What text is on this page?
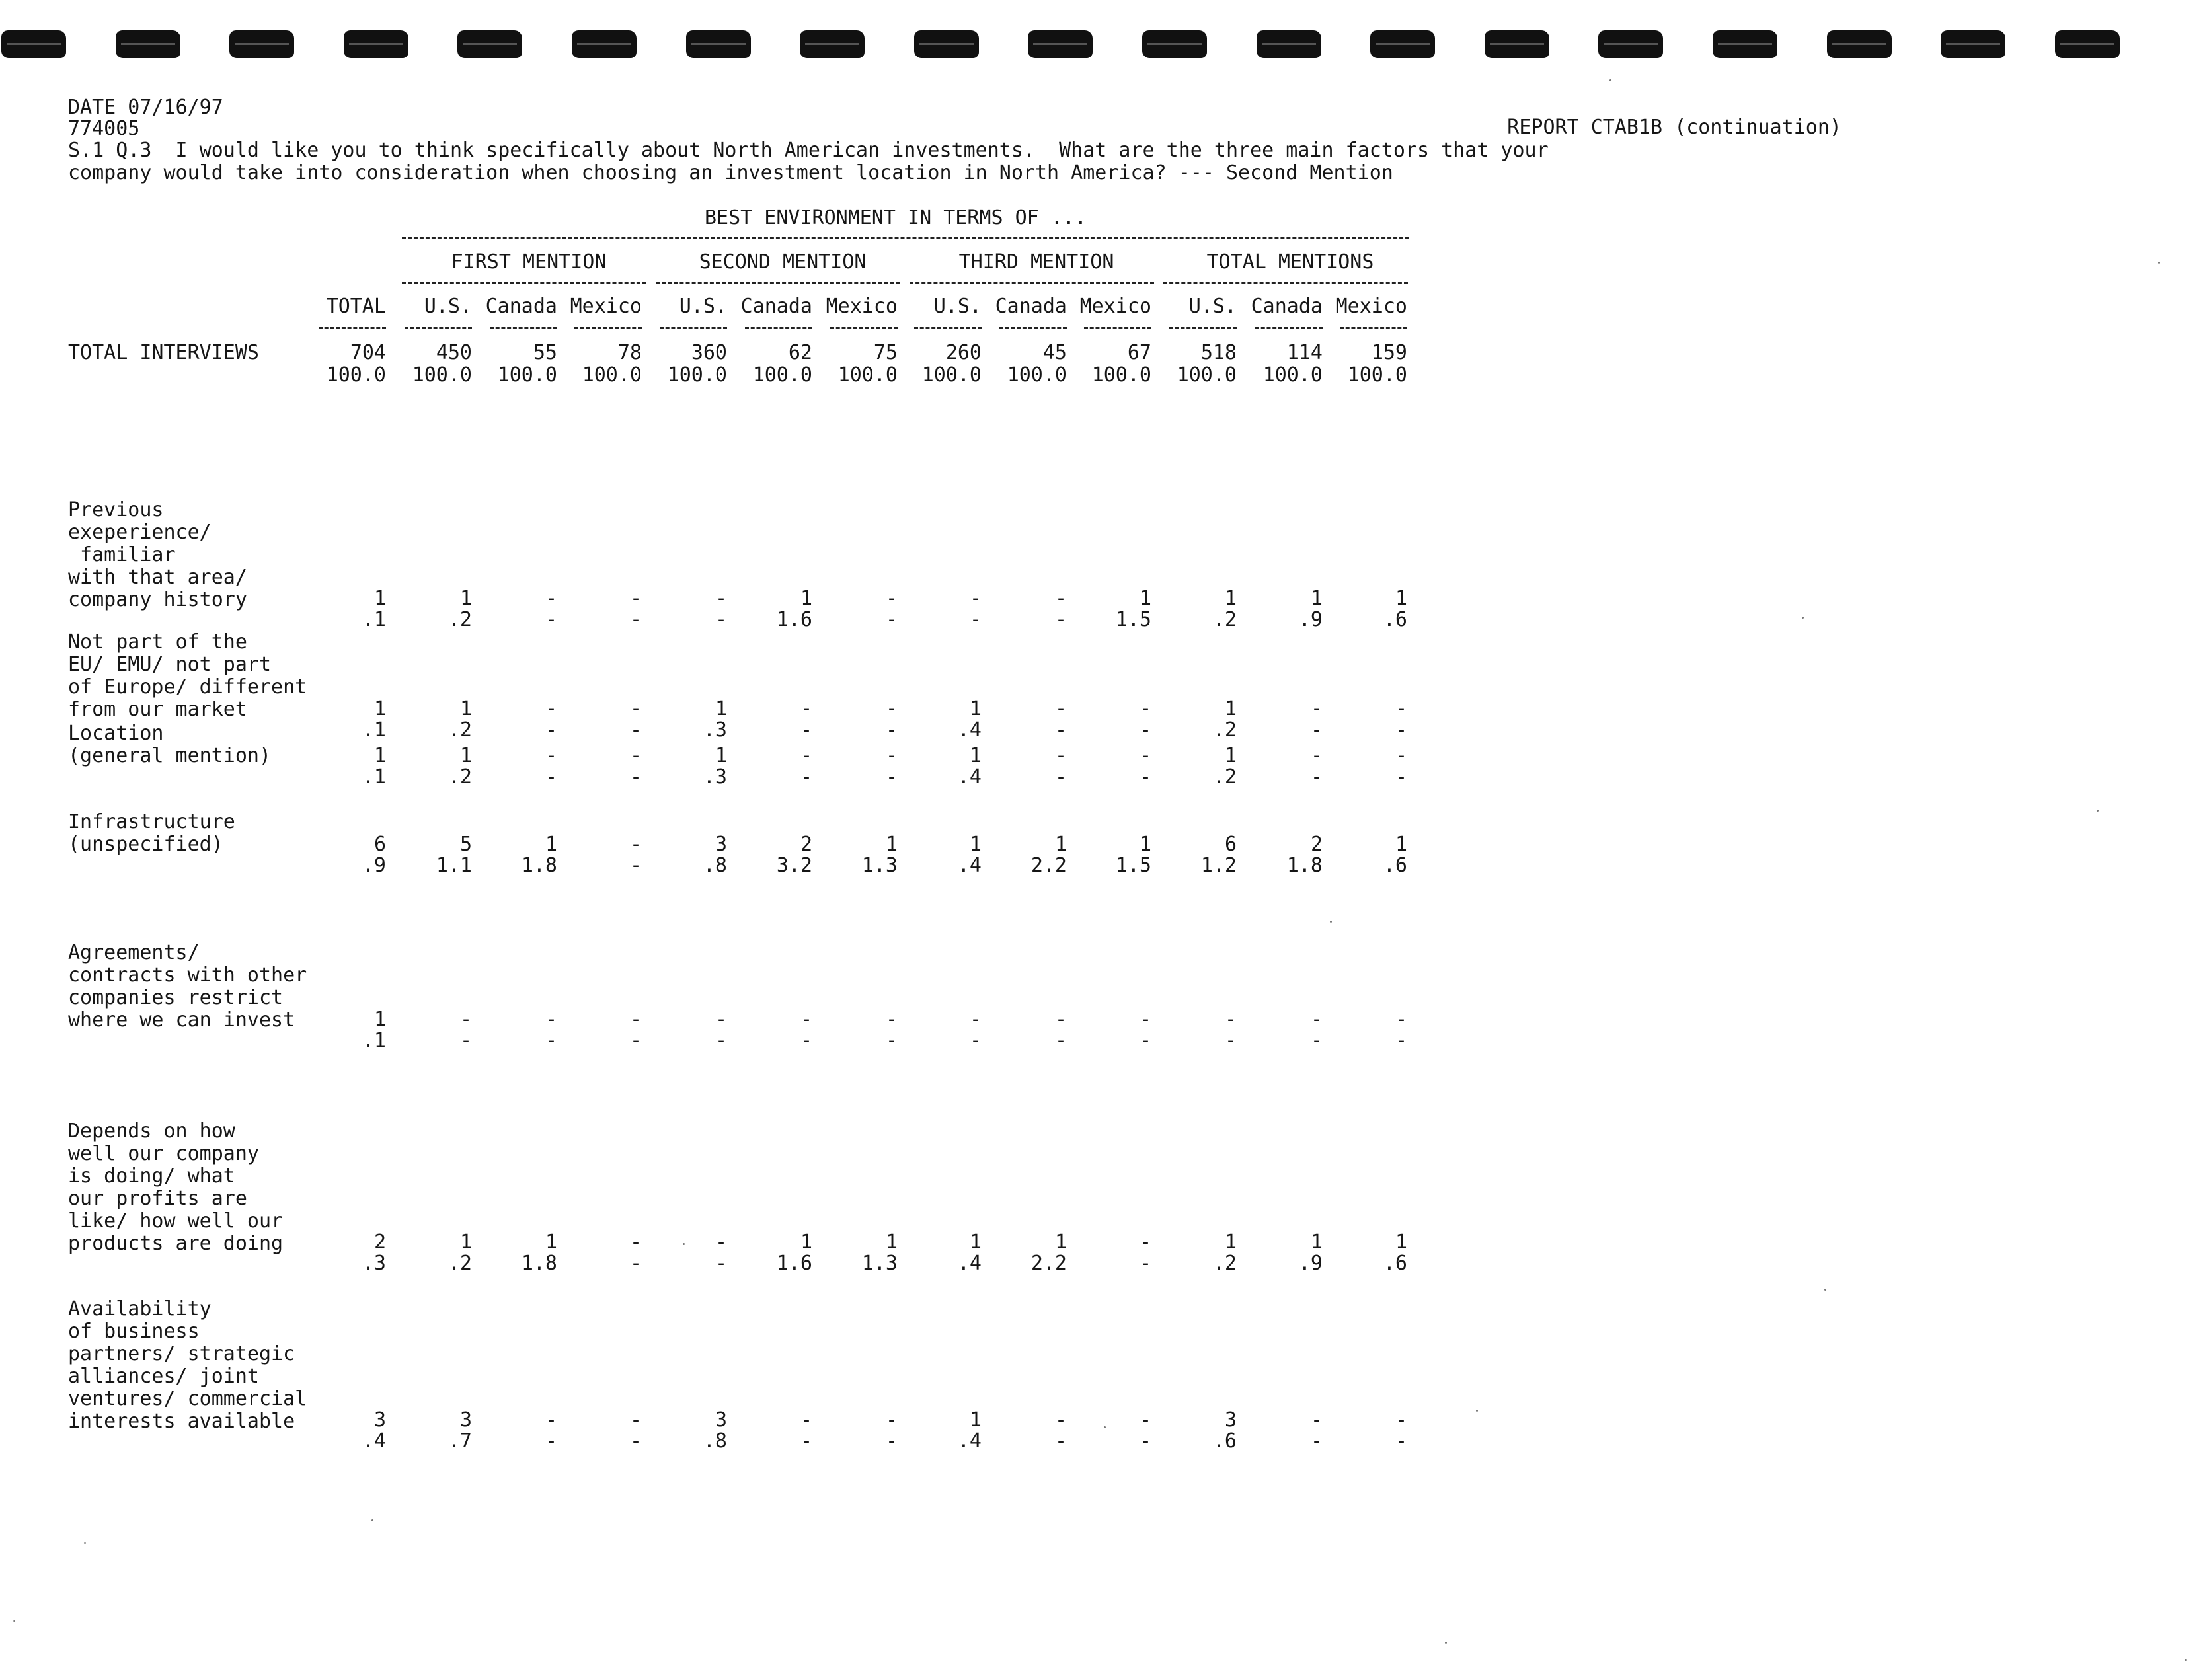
DATE 07/16/97
774005	REPORT CTAB1B (continuation)
S.1 Q.3  I would like you to think specifically about North American investments.  What are the three main factors that your
company would take into consideration when choosing an investment location in North America? --- Second Mention
BEST ENVIRONMENT IN TERMS OF ...
FIRST MENTION	SECOND MENTION	THIRD MENTION	TOTAL MENTIONS
TOTAL	U.S. Canada Mexico	U.S. Canada Mexico	U.S. Canada Mexico	U.S. Canada Mexico
TOTAL INTERVIEWS	704	450	55	78	360	62	75	260	45	67	518	114	159
100.0	100.0	100.0	100.0	100.0	100.0	100.0	100.0	100.0	100.0	100.0	100.0	100.0
Previous
exeperience/
familiar
with that area/
company history	1	1	-	-	-	1	-	-	-	1	1	1	1
.1	.2	-	-	-	1.6	-	-	-	1.5	.2	.9	.6
Not part of the
EU/ EMU/ not part
of Europe/ different
from our market	1	1	-	-	1	-	-	1	-	-	1	-	-
.1	.2	-	-	.3	-	-	.4	-	-	.2	-	-
Location
(general mention)	1	1	-	-	1	-	-	1	-	-	1	-	-
.1	.2	-	-	.3	-	-	.4	-	-	.2	-	-
Infrastructure
(unspecified)	6	5	1	-	3	2	1	1	1	1	6	2	1
.9	1.1	1.8	-	.8	3.2	1.3	.4	2.2	1.5	1.2	1.8	.6
Agreements/
contracts with other
companies restrict
where we can invest	1	-	-	-	-	-	-	-	-	-	-	-	-
.1	-	-	-	-	-	-	-	-	-	-	-	-
Depends on how
well our company
is doing/ what
our profits are
like/ how well our
products are doing	2	1	1	-	-	1	1	1	1	-	1	1	1
.3	.2	1.8	-	-	1.6	1.3	.4	2.2	-	.2	.9	.6
Availability
of business
partners/ strategic
alliances/ joint
ventures/ commercial
interests available	3	3	-	-	3	-	-	1	-	-	3	-	-
.4	.7	-	-	.8	-	-	.4	-	-	.6	-	-
